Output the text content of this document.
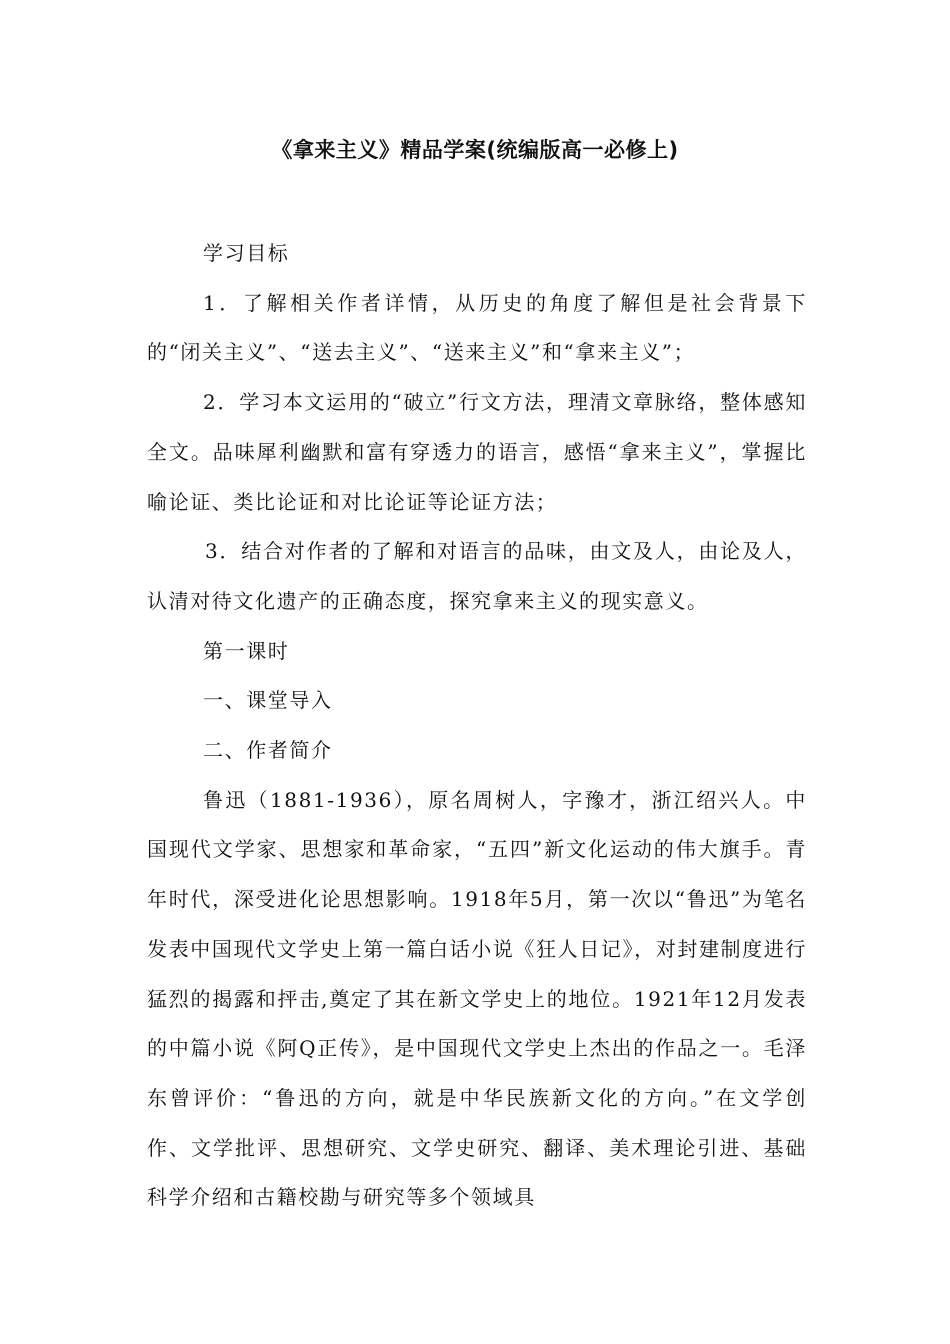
《拿来主义》精品学案(统编版高一必修上)

学习目标

1．了解相关作者详情，从历史的角度了解但是社会背景下的“闭关主义”、“送去主义”、“送来主义”和“拿来主义”；

2．学习本文运用的“破立”行文方法，理清文章脉络，整体感知全文。品味犀利幽默和富有穿透力的语言，感悟“拿来主义”，掌握比喻论证、类比论证和对比论证等论证方法；

3．结合对作者的了解和对语言的品味，由文及人，由论及人，认清对待文化遗产的正确态度，探究拿来主义的现实意义。

第一课时

一、课堂导入

二、作者简介

鲁迅（1881-1936），原名周树人，字豫才，浙江绍兴人。中国现代文学家、思想家和革命家，“五四”新文化运动的伟大旗手。青年时代，深受进化论思想影响。1918年5月，第一次以“鲁迅”为笔名发表中国现代文学史上第一篇白话小说《狂人日记》，对封建制度进行猛烈的揭露和抨击,奠定了其在新文学史上的地位。1921年12月发表的中篇小说《阿Q正传》，是中国现代文学史上杰出的作品之一。毛泽东曾评价：“鲁迅的方向，就是中华民族新文化的方向。”在文学创作、文学批评、思想研究、文学史研究、翻译、美术理论引进、基础科学介绍和古籍校勘与研究等多个领域具
